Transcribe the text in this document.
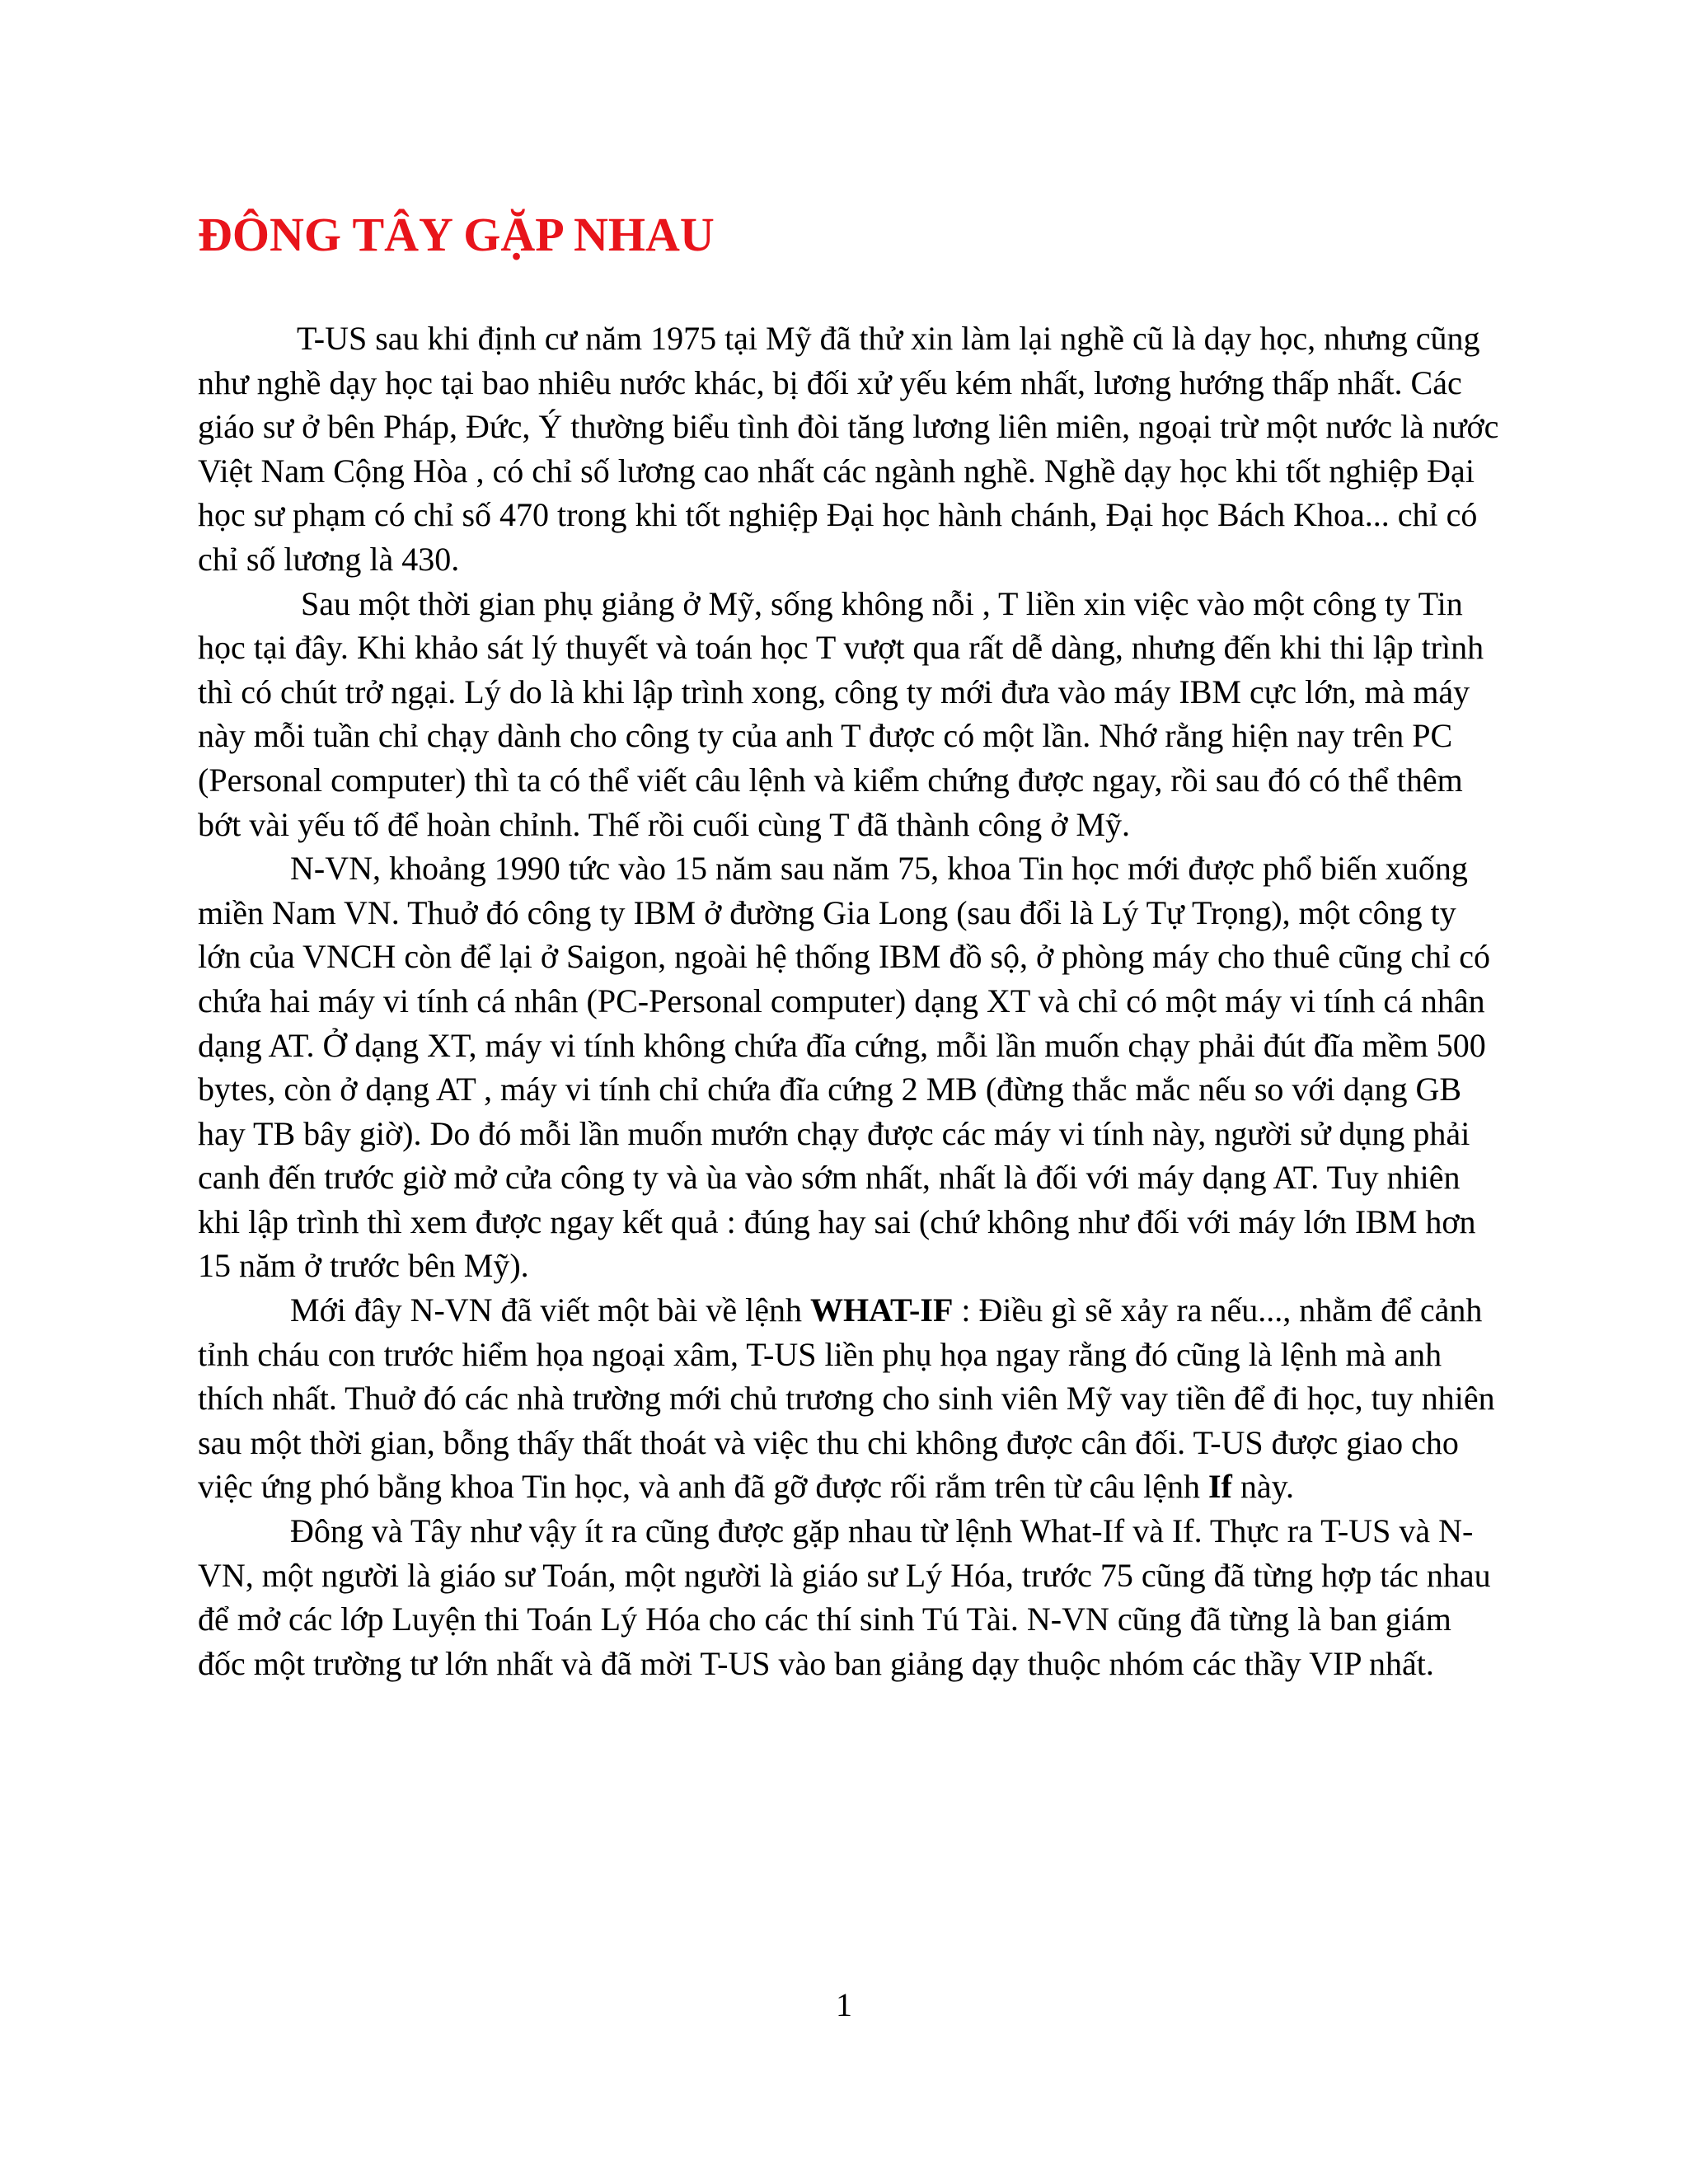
ĐÔNG TÂY GẶP NHAU

T-US sau khi định cư năm 1975 tại Mỹ đã thử xin làm lại nghề cũ là dạy học, nhưng cũng như nghề dạy học tại bao nhiêu nước khác, bị đối xử yếu kém nhất, lương hướng thấp nhất. Các giáo sư ở bên Pháp, Đức, Ý thường biểu tình đòi tăng lương liên miên, ngoại trừ một nước là nước Việt Nam Cộng Hòa , có chỉ số lương cao nhất các ngành nghề. Nghề dạy học khi tốt nghiệp Đại học sư phạm có chỉ số 470 trong khi tốt nghiệp Đại học hành chánh, Đại học Bách Khoa... chỉ có chỉ số lương là 430.

Sau một thời gian phụ giảng ở Mỹ, sống không nỗi , T liền xin việc vào một công ty Tin học tại đây. Khi khảo sát lý thuyết và toán học T vượt qua rất dễ dàng, nhưng đến khi thi lập trình thì có chút trở ngại. Lý do là khi lập trình xong, công ty mới đưa vào máy IBM cực lớn, mà máy này mỗi tuần chỉ chạy dành cho công ty của anh T được có một lần. Nhớ rằng hiện nay trên PC (Personal computer) thì ta có thể viết câu lệnh và kiểm chứng được ngay, rồi sau đó có thể thêm bớt vài yếu tố để hoàn chỉnh. Thế rồi cuối cùng T đã thành công ở Mỹ.

N-VN, khoảng 1990 tức vào 15 năm sau năm 75, khoa Tin học mới được phổ biến xuống miền Nam VN. Thuở đó công ty IBM ở đường Gia Long (sau đổi là Lý Tự Trọng), một công ty lớn của VNCH còn để lại ở Saigon, ngoài hệ thống IBM đồ sộ, ở phòng máy cho thuê cũng chỉ có chứa hai máy vi tính cá nhân (PC-Personal computer) dạng XT và chỉ có một máy vi tính cá nhân dạng AT. Ở dạng XT, máy vi tính không chứa đĩa cứng, mỗi lần muốn chạy phải đút đĩa mềm 500 bytes, còn ở dạng AT , máy vi tính chỉ chứa đĩa cứng 2 MB (đừng thắc mắc nếu so với dạng GB hay TB bây giờ). Do đó mỗi lần muốn mướn chạy được các máy vi tính này, người sử dụng phải canh đến trước giờ mở cửa công ty và ùa vào sớm nhất, nhất là đối với máy dạng AT. Tuy nhiên khi lập trình thì xem được ngay kết quả : đúng hay sai (chứ không như đối với máy lớn IBM hơn 15 năm ở trước bên Mỹ).

Mới đây N-VN đã viết một bài về lệnh WHAT-IF : Điều gì sẽ xảy ra nếu..., nhằm để cảnh tỉnh cháu con trước hiểm họa ngoại xâm, T-US liền phụ họa ngay rằng đó cũng là lệnh mà anh thích nhất. Thuở đó các nhà trường mới chủ trương cho sinh viên Mỹ vay tiền để đi học, tuy nhiên sau một thời gian, bỗng thấy thất thoát và việc thu chi không được cân đối. T-US được giao cho việc ứng phó bằng khoa Tin học, và anh đã gỡ được rối rắm trên từ câu lệnh If này.

Đông và Tây như vậy ít ra cũng được gặp nhau từ lệnh What-If và If. Thực ra T-US và N-VN, một người là giáo sư Toán, một người là giáo sư Lý Hóa, trước 75 cũng đã từng hợp tác nhau để mở các lớp Luyện thi Toán Lý Hóa cho các thí sinh Tú Tài. N-VN cũng đã từng là ban giám đốc một trường tư lớn nhất và đã mời T-US vào ban giảng dạy thuộc nhóm các thầy VIP nhất.

1
